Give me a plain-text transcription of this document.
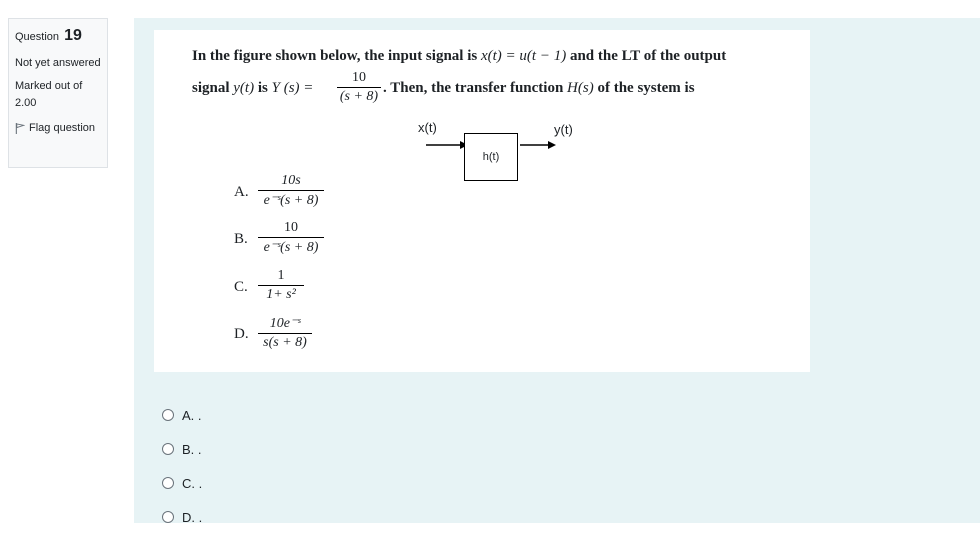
Question 19
Not yet answered
Marked out of
2.00
Flag question
In the figure shown below, the input signal is x(t) = u(t − 1) and the LT of the output
signal y(t) is Y (s) =
10
(s + 8)
. Then, the transfer function H(s) of the system is
x(t)
h(t)
y(t)
A.
10s
e⁻ˢ(s + 8)
B.
10
e⁻ˢ(s + 8)
C.
1
1+ s²
D.
10e⁻ˢ
s(s + 8)
A. .
B. .
C. .
D. .
